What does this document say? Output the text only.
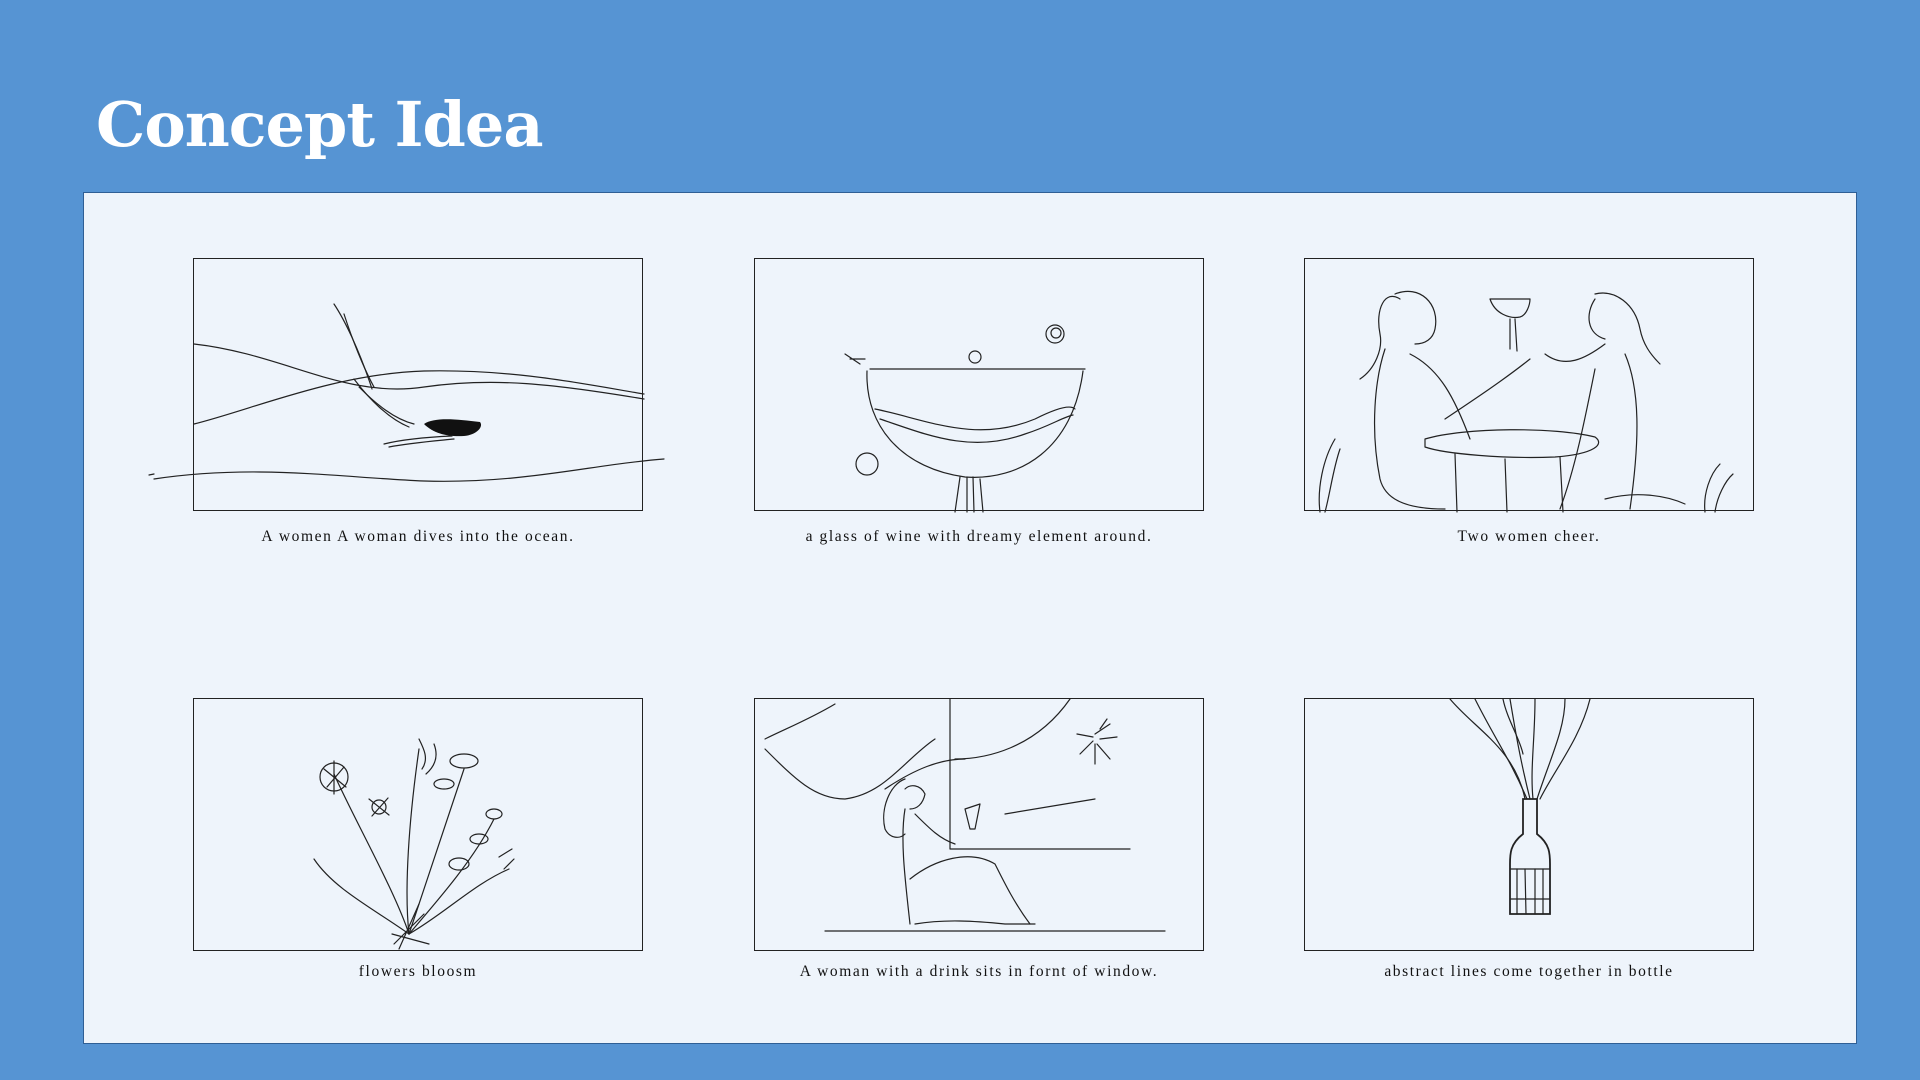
Concept Idea
A women A woman dives into the ocean.	a glass of wine with dreamy element around.	Two women cheer.
flowers bloosm	A woman with a drink sits in fornt of window.	abstract lines come together in bottle
